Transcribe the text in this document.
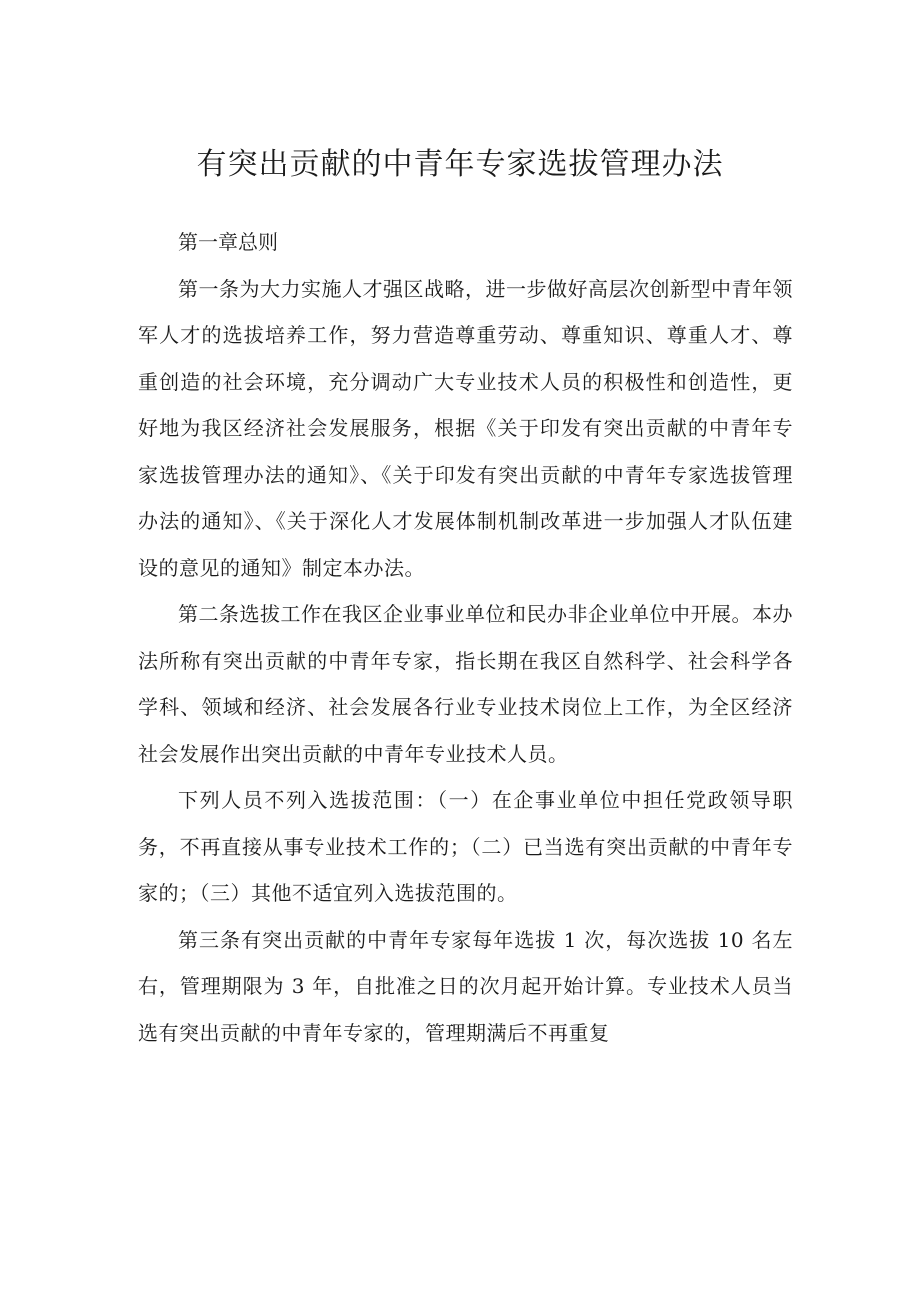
有突出贡献的中青年专家选拔管理办法

第一章总则

第一条为大力实施人才强区战略，进一步做好高层次创新型中青年领军人才的选拔培养工作，努力营造尊重劳动、尊重知识、尊重人才、尊重创造的社会环境，充分调动广大专业技术人员的积极性和创造性，更好地为我区经济社会发展服务，根据《关于印发有突出贡献的中青年专家选拔管理办法的通知》、《关于印发有突出贡献的中青年专家选拔管理办法的通知》、《关于深化人才发展体制机制改革进一步加强人才队伍建设的意见的通知》制定本办法。

第二条选拔工作在我区企业事业单位和民办非企业单位中开展。本办法所称有突出贡献的中青年专家，指长期在我区自然科学、社会科学各学科、领域和经济、社会发展各行业专业技术岗位上工作，为全区经济社会发展作出突出贡献的中青年专业技术人员。

下列人员不列入选拔范围：（一）在企事业单位中担任党政领导职务，不再直接从事专业技术工作的；（二）已当选有突出贡献的中青年专家的；（三）其他不适宜列入选拔范围的。

第三条有突出贡献的中青年专家每年选拔 1 次，每次选拔 10 名左右，管理期限为 3 年，自批准之日的次月起开始计算。专业技术人员当选有突出贡献的中青年专家的，管理期满后不再重复
